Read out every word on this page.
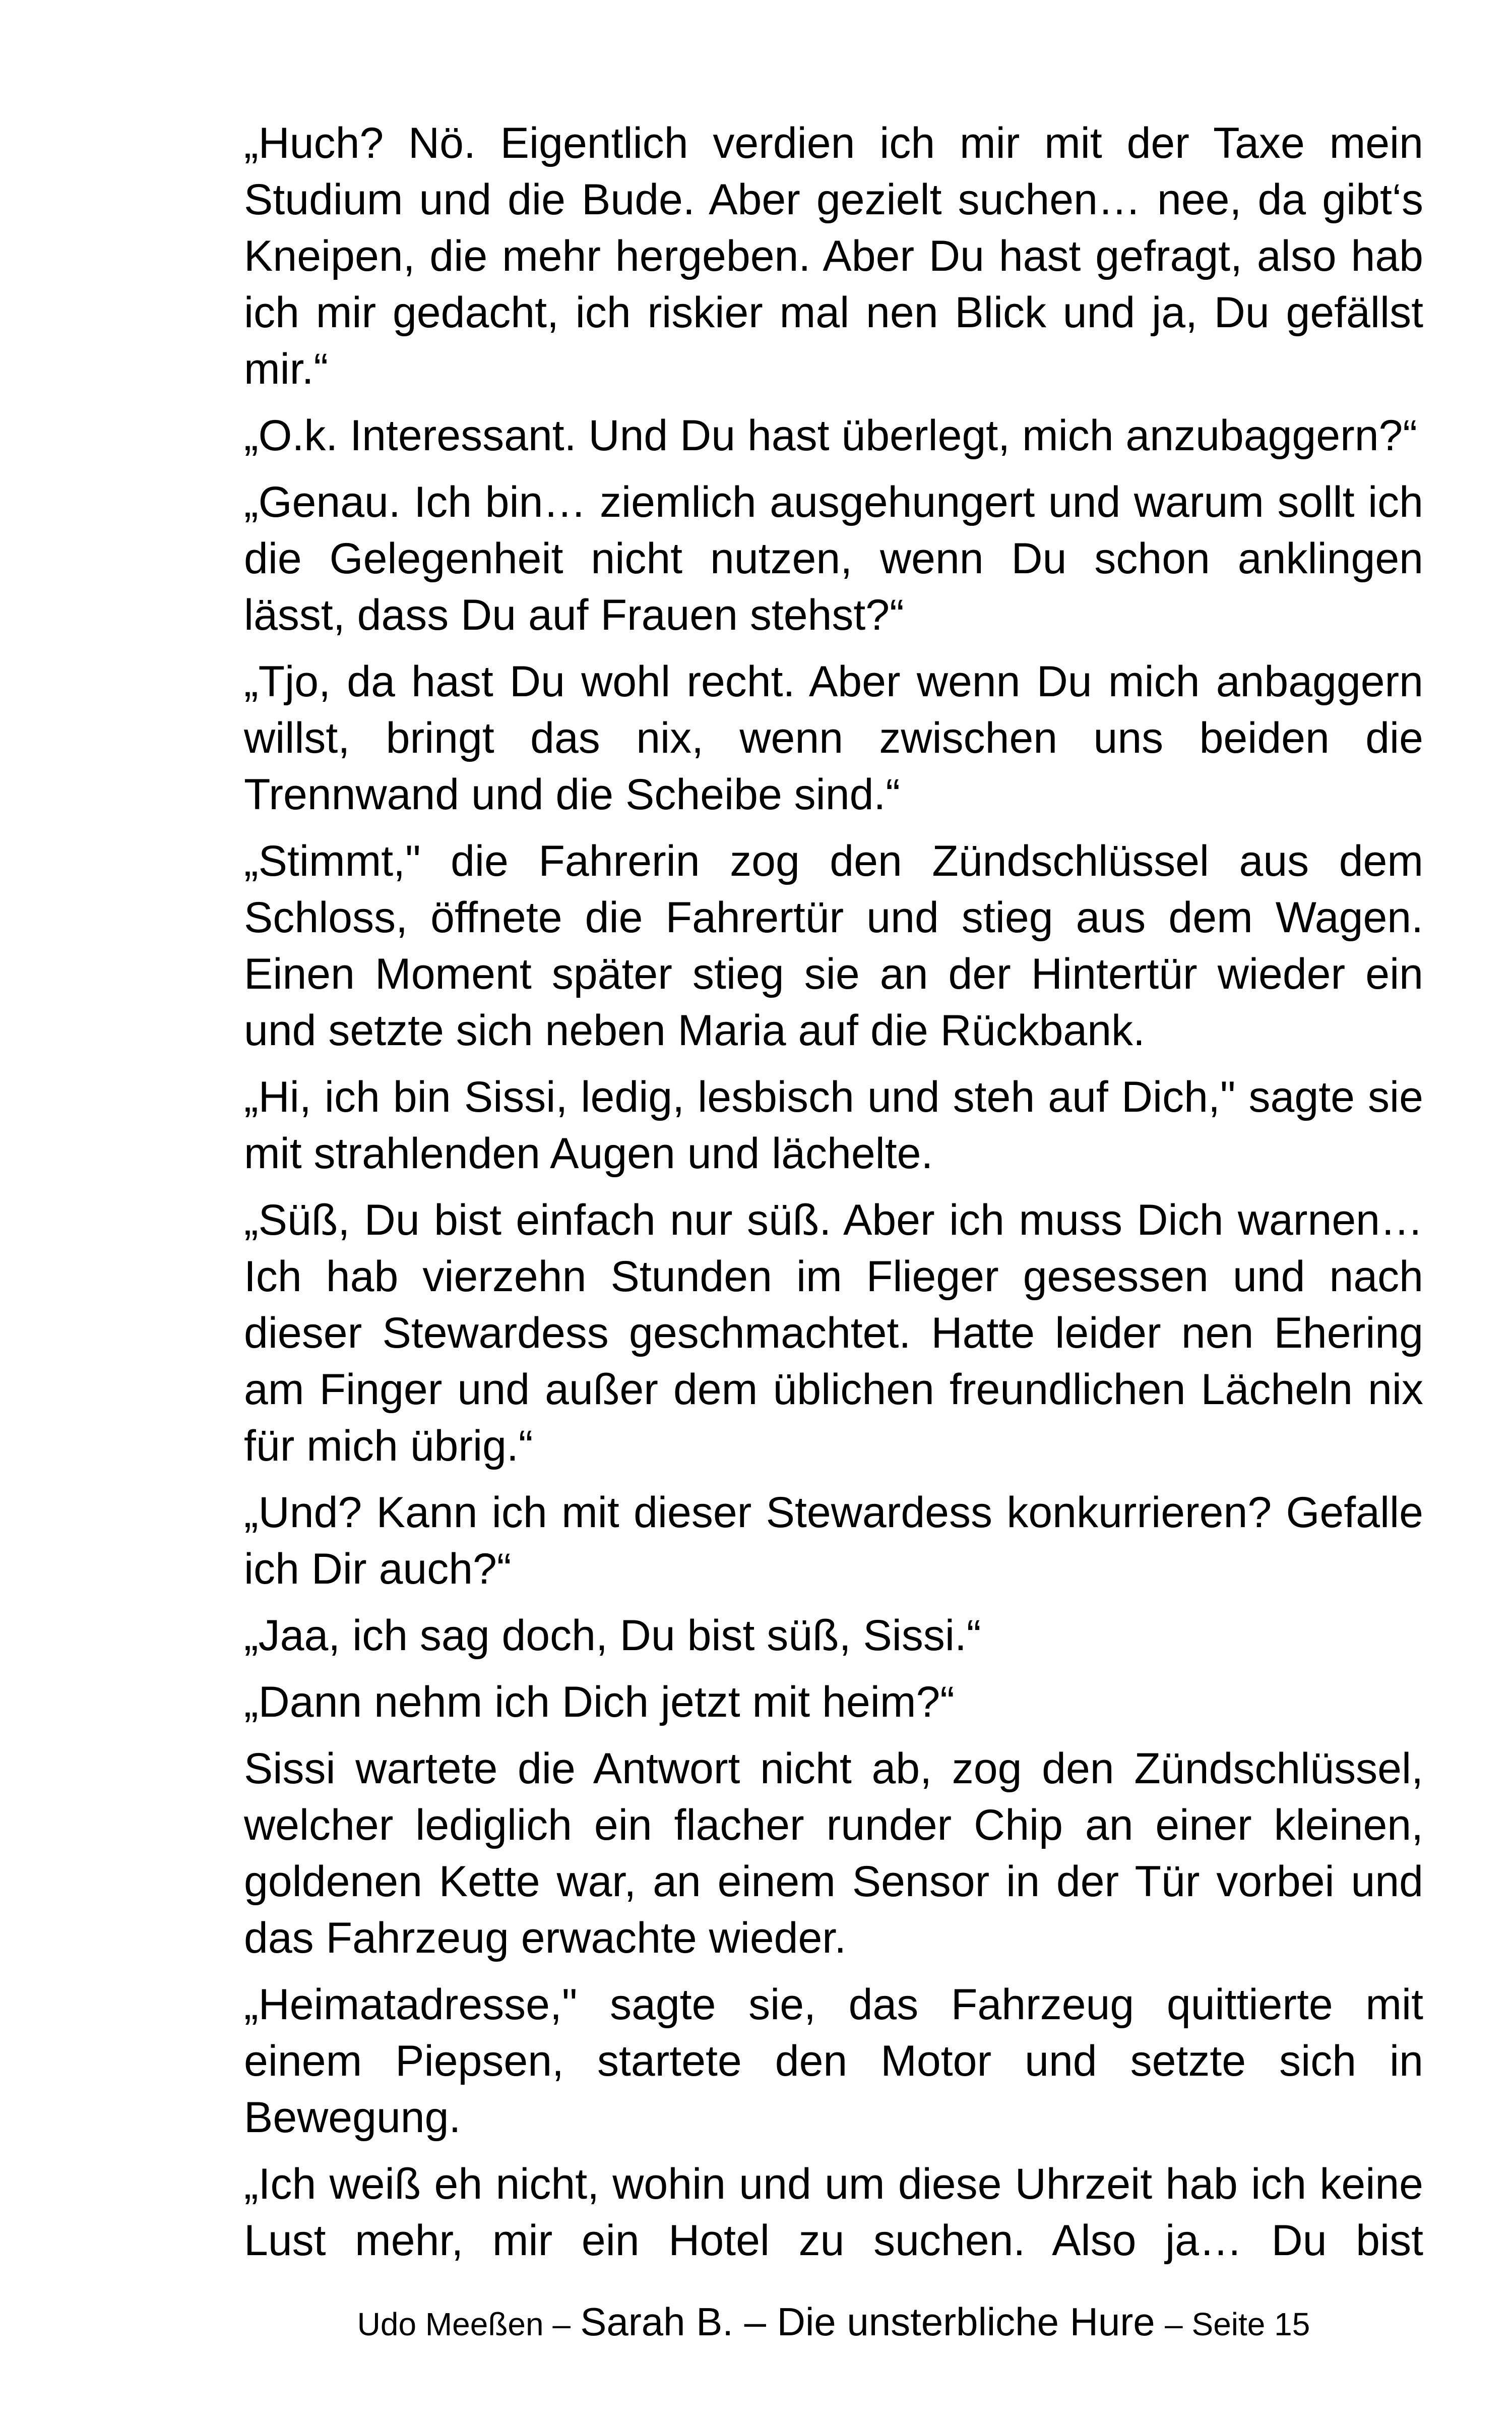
„Huch? Nö. Eigentlich verdien ich mir mit der Taxe mein Studium und die Bude. Aber gezielt suchen… nee, da gibt‘s Kneipen, die mehr hergeben. Aber Du hast gefragt, also hab ich mir gedacht, ich riskier mal nen Blick und ja, Du gefällst mir.“

„O.k. Interessant. Und Du hast überlegt, mich anzubaggern?“

„Genau. Ich bin… ziemlich ausgehungert und warum sollt ich die Gelegenheit nicht nutzen, wenn Du schon anklingen lässt, dass Du auf Frauen stehst?“

„Tjo, da hast Du wohl recht. Aber wenn Du mich anbaggern willst, bringt das nix, wenn zwischen uns beiden die Trennwand und die Scheibe sind.“

„Stimmt," die Fahrerin zog den Zündschlüssel aus dem Schloss, öffnete die Fahrertür und stieg aus dem Wagen. Einen Moment später stieg sie an der Hintertür wieder ein und setzte sich neben Maria auf die Rückbank.

„Hi, ich bin Sissi, ledig, lesbisch und steh auf Dich," sagte sie mit strahlenden Augen und lächelte.

„Süß, Du bist einfach nur süß. Aber ich muss Dich warnen… Ich hab vierzehn Stunden im Flieger gesessen und nach dieser Stewardess geschmachtet. Hatte leider nen Ehering am Finger und außer dem üblichen freundlichen Lächeln nix für mich übrig.“

„Und? Kann ich mit dieser Stewardess konkurrieren? Gefalle ich Dir auch?“

„Jaa, ich sag doch, Du bist süß, Sissi.“

„Dann nehm ich Dich jetzt mit heim?“

Sissi wartete die Antwort nicht ab, zog den Zündschlüssel, welcher lediglich ein flacher runder Chip an einer kleinen, goldenen Kette war, an einem Sensor in der Tür vorbei und das Fahrzeug erwachte wieder.

„Heimatadresse," sagte sie, das Fahrzeug quittierte mit einem Piepsen, startete den Motor und setzte sich in Bewegung.

„Ich weiß eh nicht, wohin und um diese Uhrzeit hab ich keine Lust mehr, mir ein Hotel zu suchen. Also ja… Du bist

Udo Meeßen – Sarah B. – Die unsterbliche Hure – Seite 15
